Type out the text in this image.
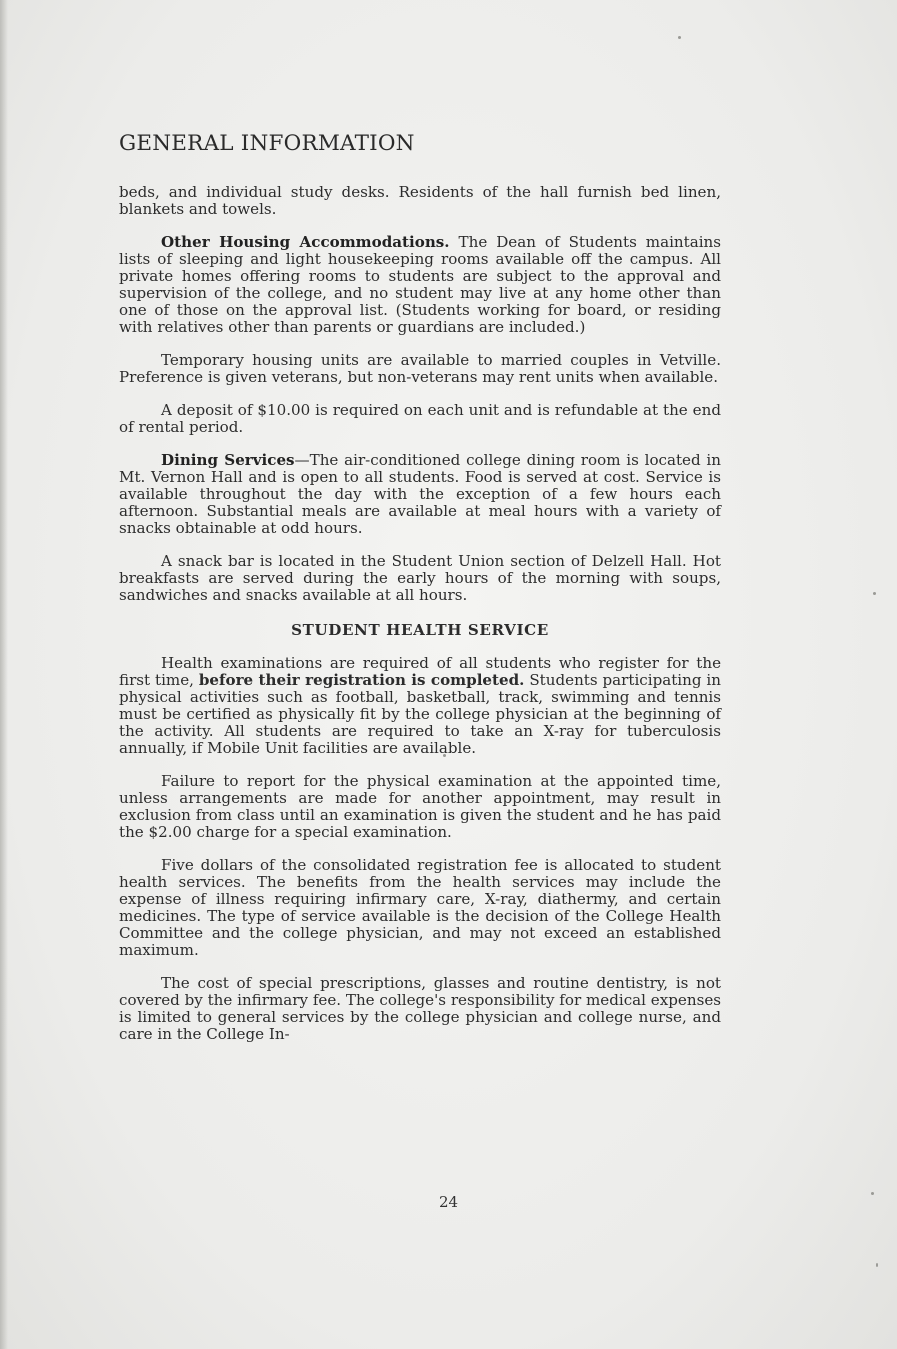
GENERAL INFORMATION

beds, and individual study desks. Residents of the hall furnish bed linen, blankets and towels.

Other Housing Accommodations. The Dean of Students maintains lists of sleeping and light housekeeping rooms available off the campus. All private homes offering rooms to students are subject to the approval and supervision of the college, and no student may live at any home other than one of those on the approval list. (Students working for board, or residing with relatives other than parents or guardians are included.)

Temporary housing units are available to married couples in Vetville. Preference is given veterans, but non-veterans may rent units when available.

A deposit of $10.00 is required on each unit and is refundable at the end of rental period.

Dining Services—The air-conditioned college dining room is located in Mt. Vernon Hall and is open to all students. Food is served at cost. Service is available throughout the day with the exception of a few hours each afternoon. Substantial meals are available at meal hours with a variety of snacks obtainable at odd hours.

A snack bar is located in the Student Union section of Delzell Hall. Hot breakfasts are served during the early hours of the morning with soups, sandwiches and snacks available at all hours.

STUDENT HEALTH SERVICE

Health examinations are required of all students who register for the first time, before their registration is completed. Students participating in physical activities such as football, basketball, track, swimming and tennis must be certified as physically fit by the college physician at the beginning of the activity. All students are required to take an X-ray for tuberculosis annually, if Mobile Unit facilities are available.

Failure to report for the physical examination at the appointed time, unless arrangements are made for another appointment, may result in exclusion from class until an examination is given the student and he has paid the $2.00 charge for a special examination.

Five dollars of the consolidated registration fee is allocated to student health services. The benefits from the health services may include the expense of illness requiring infirmary care, X-ray, diathermy, and certain medicines. The type of service available is the decision of the College Health Committee and the college physician, and may not exceed an established maximum.

The cost of special prescriptions, glasses and routine dentistry, is not covered by the infirmary fee. The college's responsibility for medical expenses is limited to general services by the college physician and college nurse, and care in the College In-

24
